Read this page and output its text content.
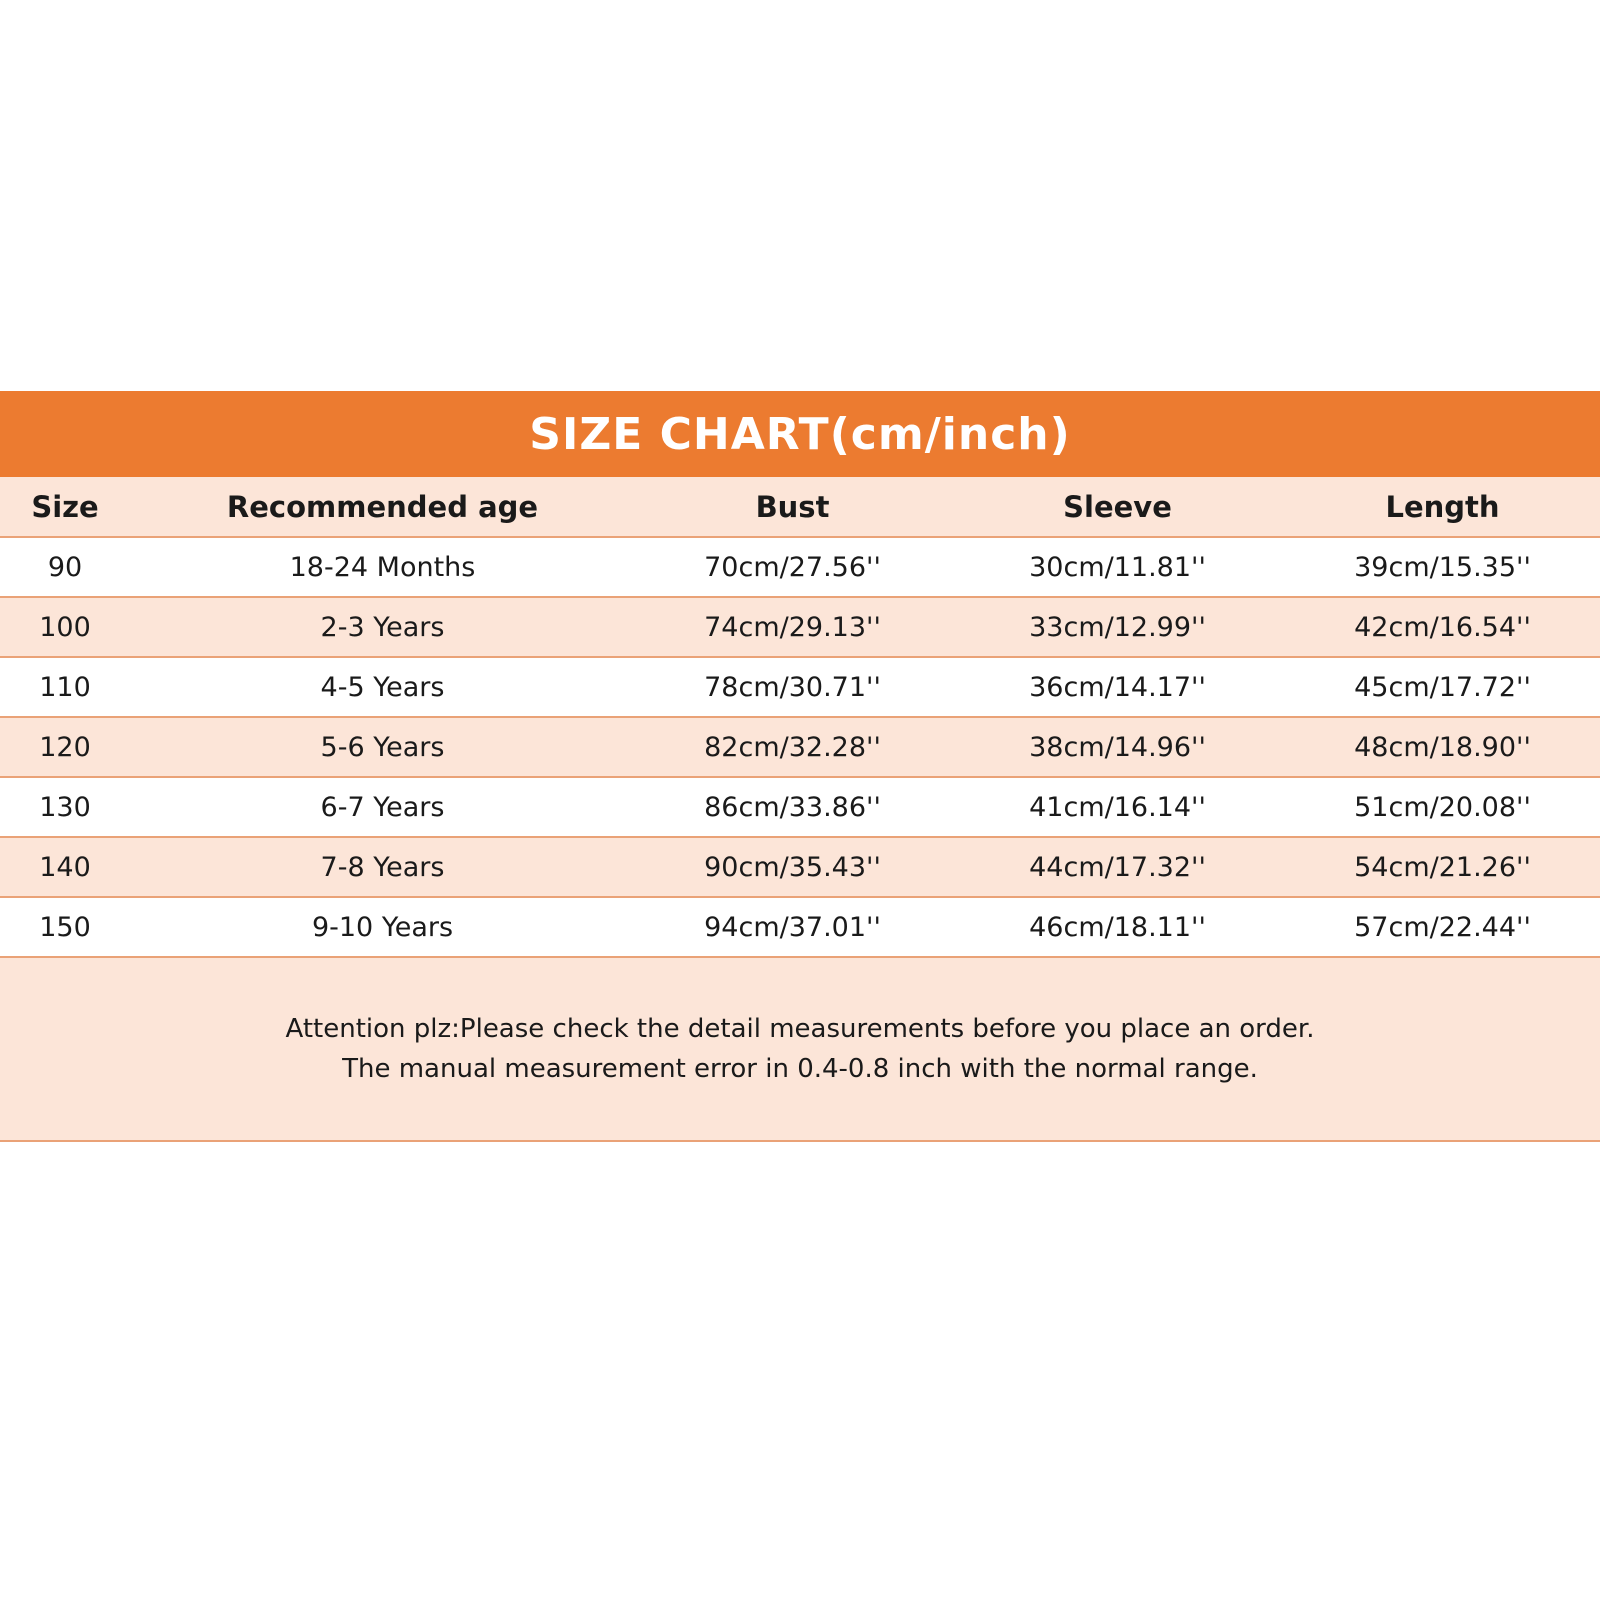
SIZE CHART(cm/inch)
Size	Recommended age	Bust	Sleeve	Length
90	18-24 Months	70cm/27.56''	30cm/11.81''	39cm/15.35''
100	2-3 Years	74cm/29.13''	33cm/12.99''	42cm/16.54''
110	4-5 Years	78cm/30.71''	36cm/14.17''	45cm/17.72''
120	5-6 Years	82cm/32.28''	38cm/14.96''	48cm/18.90''
130	6-7 Years	86cm/33.86''	41cm/16.14''	51cm/20.08''
140	7-8 Years	90cm/35.43''	44cm/17.32''	54cm/21.26''
150	9-10 Years	94cm/37.01''	46cm/18.11''	57cm/22.44''
Attention plz:Please check the detail measurements before you place an order.
The manual measurement error in 0.4-0.8 inch with the normal range.
